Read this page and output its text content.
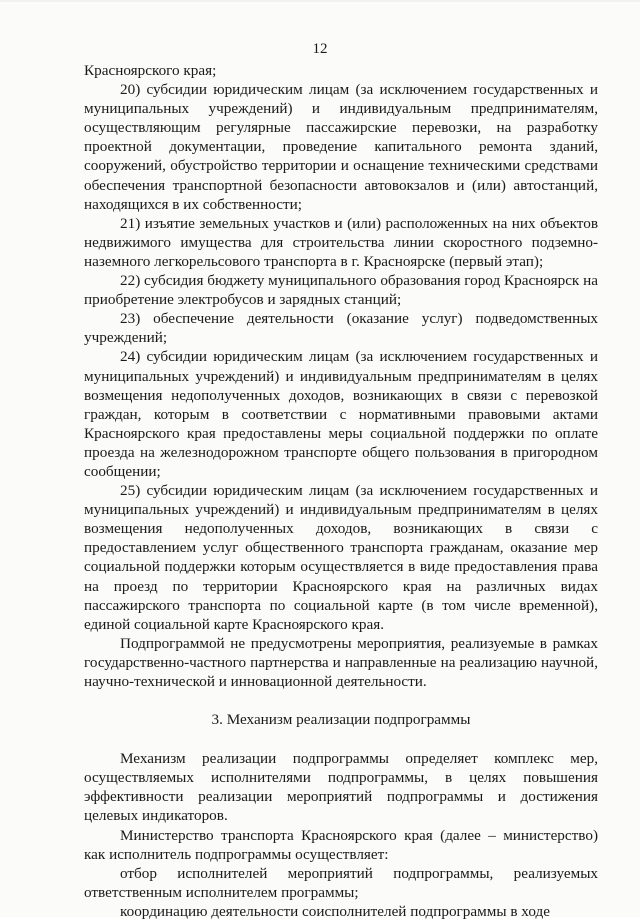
12

Красноярского края;

20) субсидии юридическим лицам (за исключением государственных и муниципальных учреждений) и индивидуальным предпринимателям, осуществляющим регулярные пассажирские перевозки, на разработку проектной документации, проведение капитального ремонта зданий, сооружений, обустройство территории и оснащение техническими средствами обеспечения транспортной безопасности автовокзалов и (или) автостанций, находящихся в их собственности;

21) изъятие земельных участков и (или) расположенных на них объектов недвижимого имущества для строительства линии скоростного подземно-наземного легкорельсового транспорта в г. Красноярске (первый этап);

22) субсидия бюджету муниципального образования город Красноярск на приобретение электробусов и зарядных станций;

23) обеспечение деятельности (оказание услуг) подведомственных учреждений;

24) субсидии юридическим лицам (за исключением государственных и муниципальных учреждений) и индивидуальным предпринимателям в целях возмещения недополученных доходов, возникающих в связи с перевозкой граждан, которым в соответствии с нормативными правовыми актами Красноярского края предоставлены меры социальной поддержки по оплате проезда на железнодорожном транспорте общего пользования в пригородном сообщении;

25) субсидии юридическим лицам (за исключением государственных и муниципальных учреждений) и индивидуальным предпринимателям в целях возмещения недополученных доходов, возникающих в связи с предоставлением услуг общественного транспорта гражданам, оказание мер социальной поддержки которым осуществляется в виде предоставления права на проезд по территории Красноярского края на различных видах пассажирского транспорта по социальной карте (в том числе временной), единой социальной карте Красноярского края.

Подпрограммой не предусмотрены мероприятия, реализуемые в рамках государственно-частного партнерства и направленные на реализацию научной, научно-технической и инновационной деятельности.

3. Механизм реализации подпрограммы

Механизм реализации подпрограммы определяет комплекс мер, осуществляемых исполнителями подпрограммы, в целях повышения эффективности реализации мероприятий подпрограммы и достижения целевых индикаторов.

Министерство транспорта Красноярского края (далее – министерство) как исполнитель подпрограммы осуществляет:

отбор исполнителей мероприятий подпрограммы, реализуемых ответственным исполнителем программы;

координацию деятельности соисполнителей подпрограммы в ходе
